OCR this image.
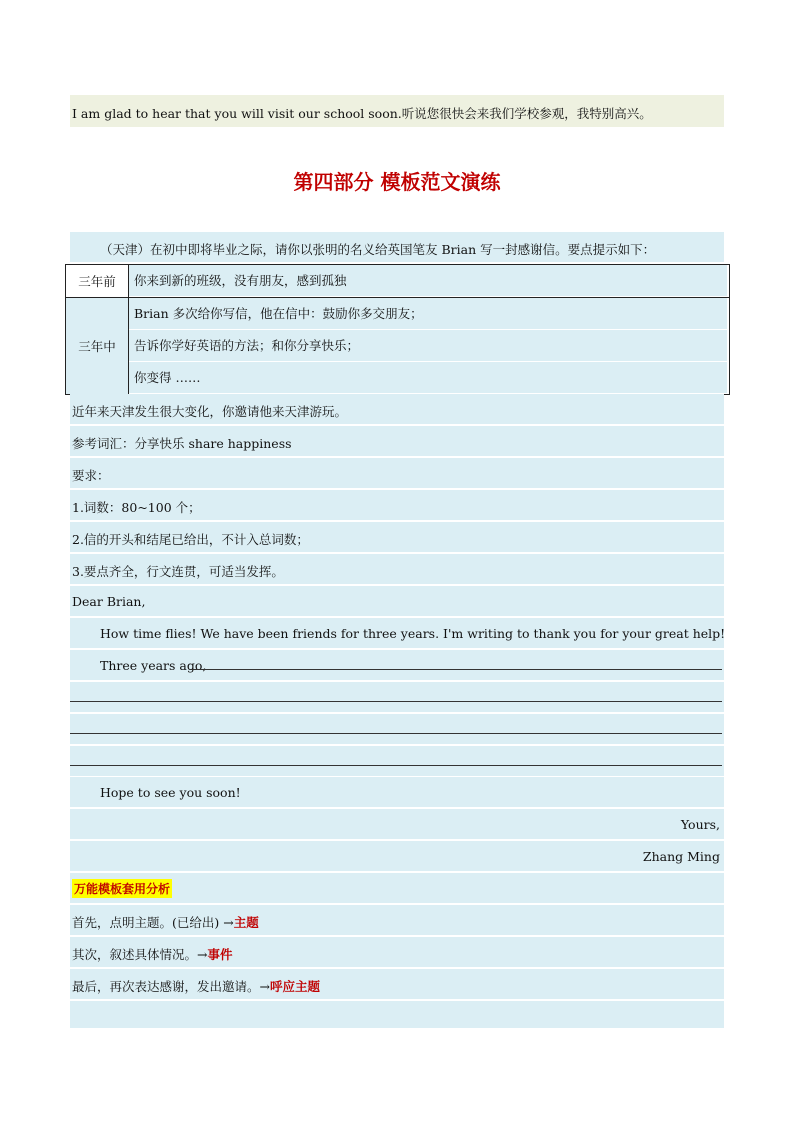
I am glad to hear that you will visit our school soon.听说您很快会来我们学校参观，我特别高兴。
第四部分 模板范文演练
（天津）在初中即将毕业之际，请你以张明的名义给英国笔友 Brian 写一封感谢信。要点提示如下：
三年前	你来到新的班级，没有朋友，感到孤独

三年中	Brian 多次给你写信，他在信中：鼓励你多交朋友；
告诉你学好英语的方法；和你分享快乐；
你变得 ……
近年来天津发生很大变化，你邀请他来天津游玩。
参考词汇：分享快乐 share happiness
要求：
1.词数：80~100 个；
2.信的开头和结尾已给出，不计入总词数；
3.要点齐全，行文连贯，可适当发挥。
Dear Brian,
How time flies! We have been friends for three years. I'm writing to thank you for your great help!
Three years ago,
Hope to see you soon!
Yours,
Zhang Ming
万能模板套用分析
首先，点明主题。(已给出) →主题
其次，叙述具体情况。→事件
最后，再次表达感谢，发出邀请。→呼应主题
